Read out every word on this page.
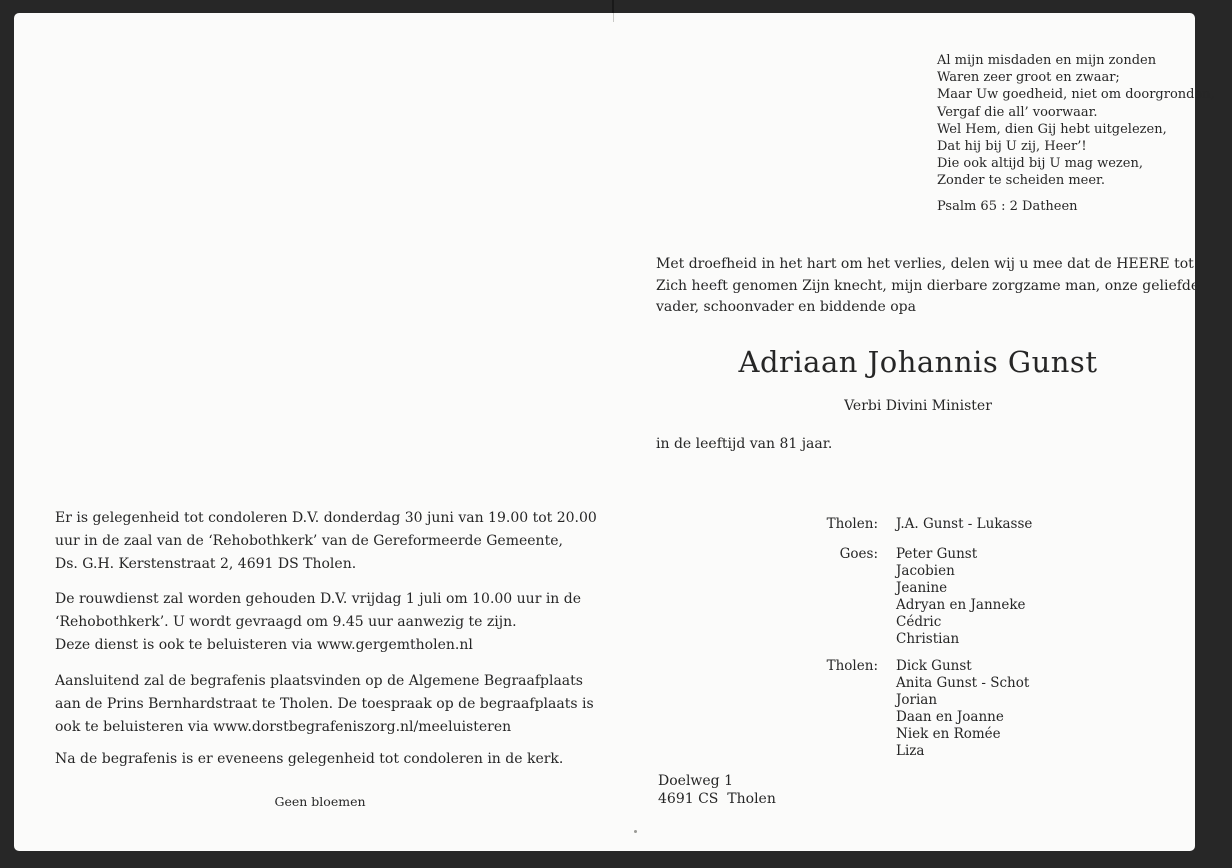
Er is gelegenheid tot condoleren D.V. donderdag 30 juni van 19.00 tot 20.00
uur in de zaal van de ‘Rehobothkerk’ van de Gereformeerde Gemeente,
Ds. G.H. Kerstenstraat 2, 4691 DS Tholen.
De rouwdienst zal worden gehouden D.V. vrijdag 1 juli om 10.00 uur in de
‘Rehobothkerk’. U wordt gevraagd om 9.45 uur aanwezig te zijn.
Deze dienst is ook te beluisteren via www.gergemtholen.nl
Aansluitend zal de begrafenis plaatsvinden op de Algemene Begraafplaats
aan de Prins Bernhardstraat te Tholen. De toespraak op de begraafplaats is
ook te beluisteren via www.dorstbegrafeniszorg.nl/meeluisteren
Na de begrafenis is er eveneens gelegenheid tot condoleren in de kerk.
Geen bloemen
Al mijn misdaden en mijn zonden
Waren zeer groot en zwaar;
Maar Uw goedheid, niet om doorgronden,
Vergaf die all’ voorwaar.
Wel Hem, dien Gij hebt uitgelezen,
Dat hij bij U zij, Heer’!
Die ook altijd bij U mag wezen,
Zonder te scheiden meer.
Psalm 65 : 2 Datheen
Met droefheid in het hart om het verlies, delen wij u mee dat de HEERE tot
Zich heeft genomen Zijn knecht, mijn dierbare zorgzame man, onze geliefde
vader, schoonvader en biddende opa
Adriaan Johannis Gunst
Verbi Divini Minister
in de leeftijd van 81 jaar.
Tholen: J.A. Gunst - Lukasse
Goes: Peter Gunst
Jacobien
Jeanine
Adryan en Janneke
Cédric
Christian
Tholen: Dick Gunst
Anita Gunst - Schot
Jorian
Daan en Joanne
Niek en Romée
Liza
Doelweg 1
4691 CS  Tholen
